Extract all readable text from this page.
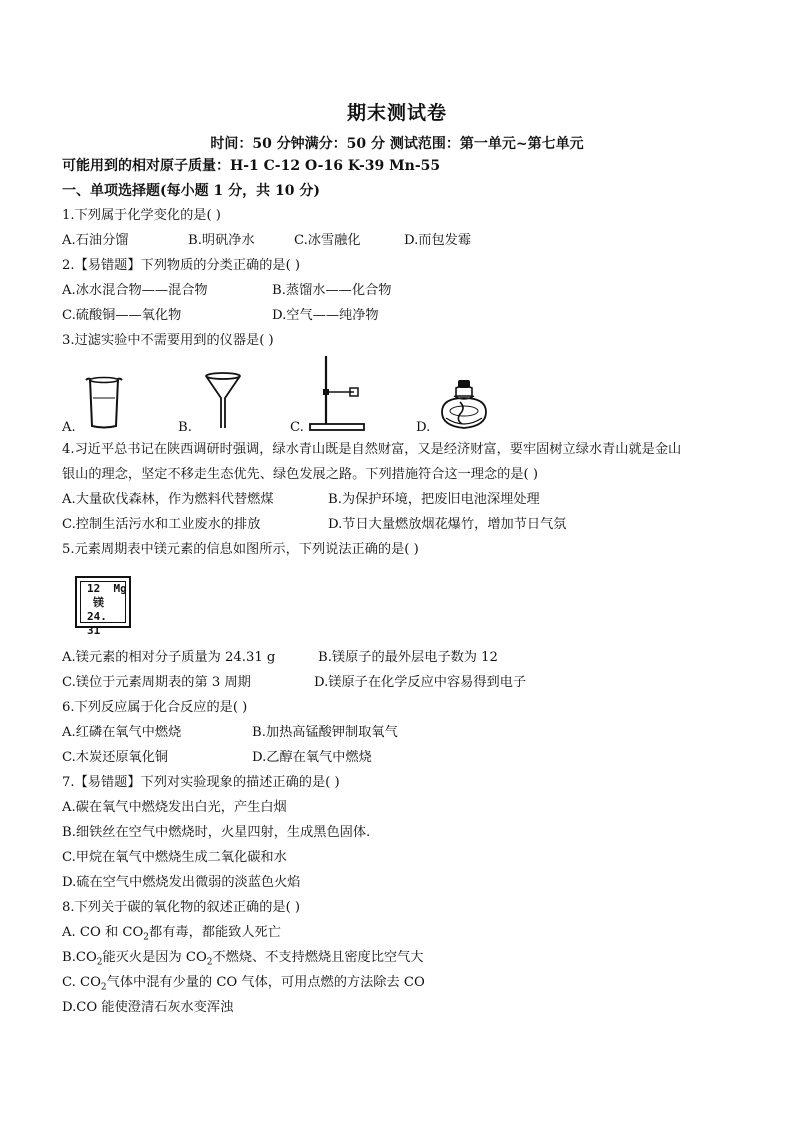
期末测试卷
时间：50 分钟满分：50 分 测试范围：第一单元~第七单元
可能用到的相对原子质量：H-1 C-12 O-16 K-39 Mn-55
一、单项选择题(每小题 1 分，共 10 分)
1.下列属于化学变化的是( )
A.石油分馏	B.明矾净水	C.冰雪融化	D.而包发霉
2.【易错题】下列物质的分类正确的是( )
A.冰水混合物——混合物	B.蒸馏水——化合物
C.硫酸铜——氧化物	D.空气——纯净物
3.过滤实验中不需要用到的仪器是( )
A.	B.	C.	D.
4.习近平总书记在陕西调研时强调，绿水青山既是自然财富，又是经济财富，要牢固树立绿水青山就是金山
银山的理念，坚定不移走生态优先、绿色发展之路。下列措施符合这一理念的是( )
A.大量砍伐森林，作为燃料代替燃煤	B.为保护环境，把废旧电池深埋处理
C.控制生活污水和工业废水的排放	D.节日大量燃放烟花爆竹，增加节日气氛
5.元素周期表中镁元素的信息如图所示，下列说法正确的是( )
12 Mg
镁
24. 31
A.镁元素的相对分子质量为 24.31 g	B.镁原子的最外层电子数为 12
C.镁位于元素周期表的第 3 周期	D.镁原子在化学反应中容易得到电子
6.下列反应属于化合反应的是( )
A.红磷在氧气中燃烧	B.加热高锰酸钾制取氧气
C.木炭还原氧化铜	D.乙醇在氧气中燃烧
7.【易错题】下列对实验现象的描述正确的是( )
A.碳在氧气中燃烧发出白光，产生白烟
B.细铁丝在空气中燃烧时，火星四射，生成黑色固体.
C.甲烷在氧气中燃烧生成二氧化碳和水
D.硫在空气中燃烧发出微弱的淡蓝色火焰
8.下列关于碳的氧化物的叙述正确的是( )
A. CO 和 $CO_2$都有毒，都能致人死亡
$B.CO_2$能灭火是因为 $CO_2$不燃烧、不支持燃烧且密度比空气大
C. $CO_2$气体中混有少量的 CO 气体，可用点燃的方法除去 CO
D.CO 能使澄清石灰水变浑浊
